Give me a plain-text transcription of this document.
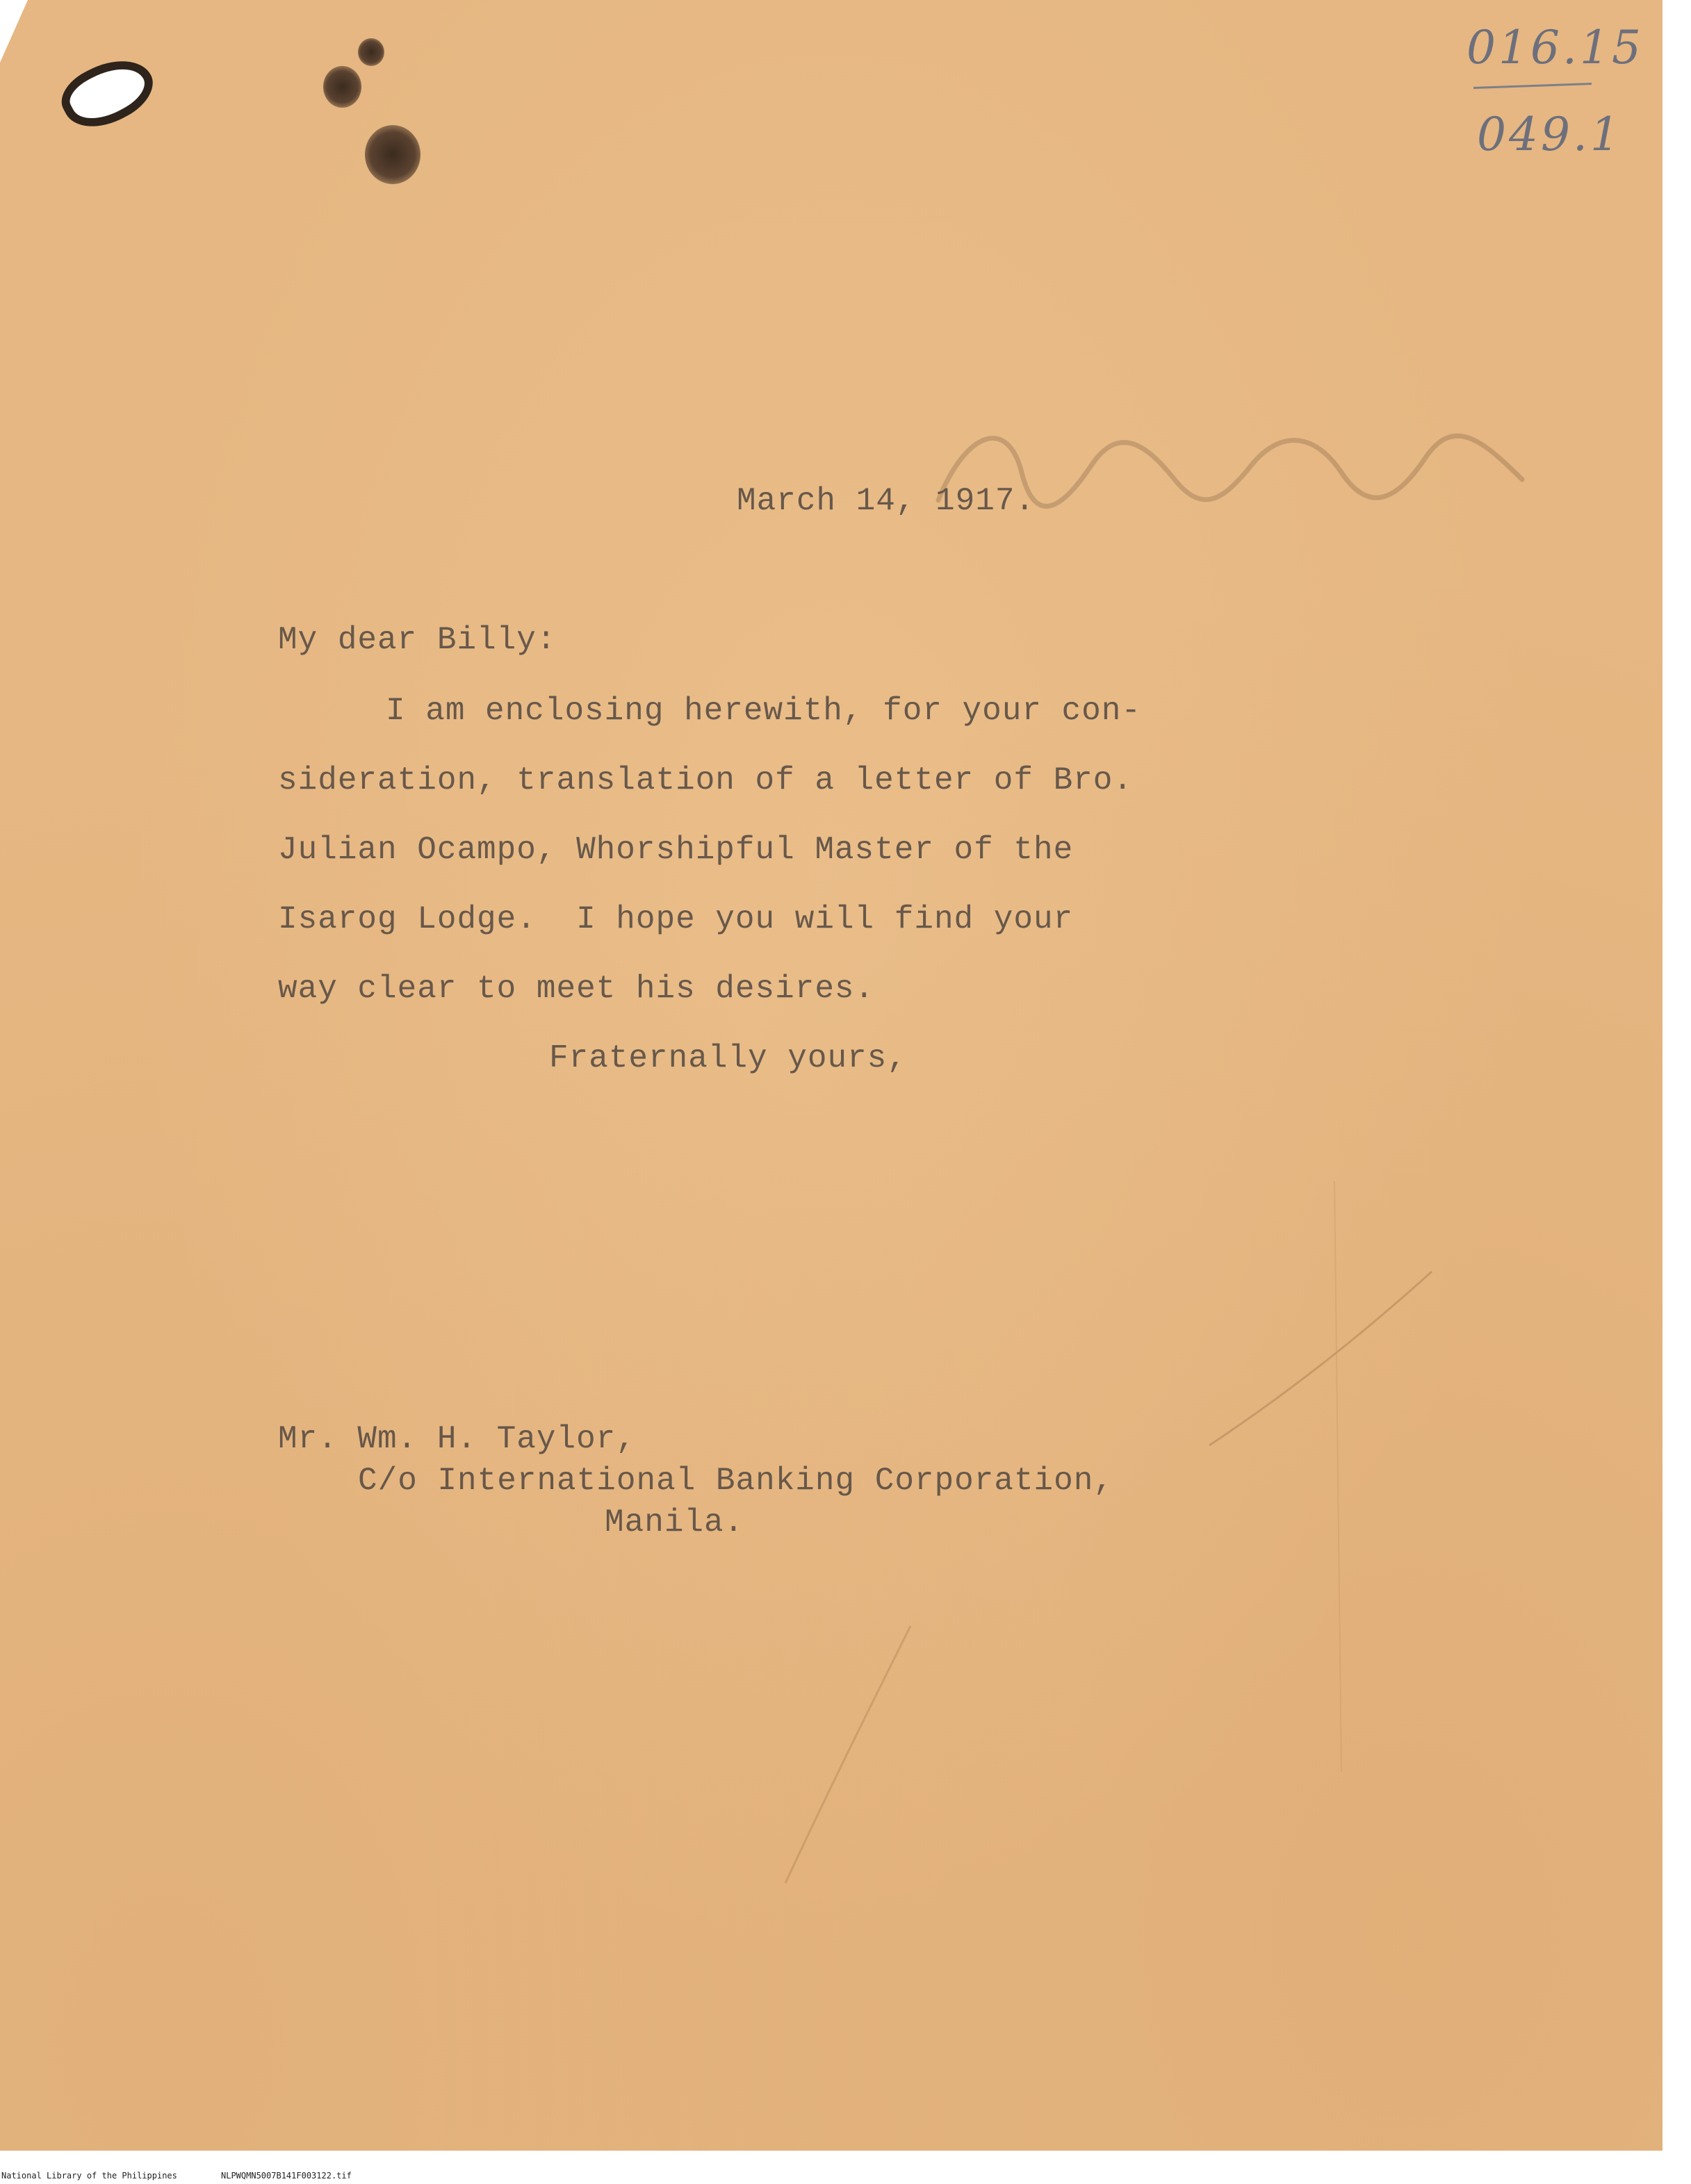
016.15
049.1
March 14, 1917.
My dear Billy:
I am enclosing herewith, for your con-
sideration, translation of a letter of Bro.
Julian Ocampo, Whorshipful Master of the
Isarog Lodge.  I hope you will find your
way clear to meet his desires.
Fraternally yours,
Mr. Wm. H. Taylor,
C/o International Banking Corporation,
Manila.
National Library of the Philippines	NLPWQMN5007B141F003122.tif
